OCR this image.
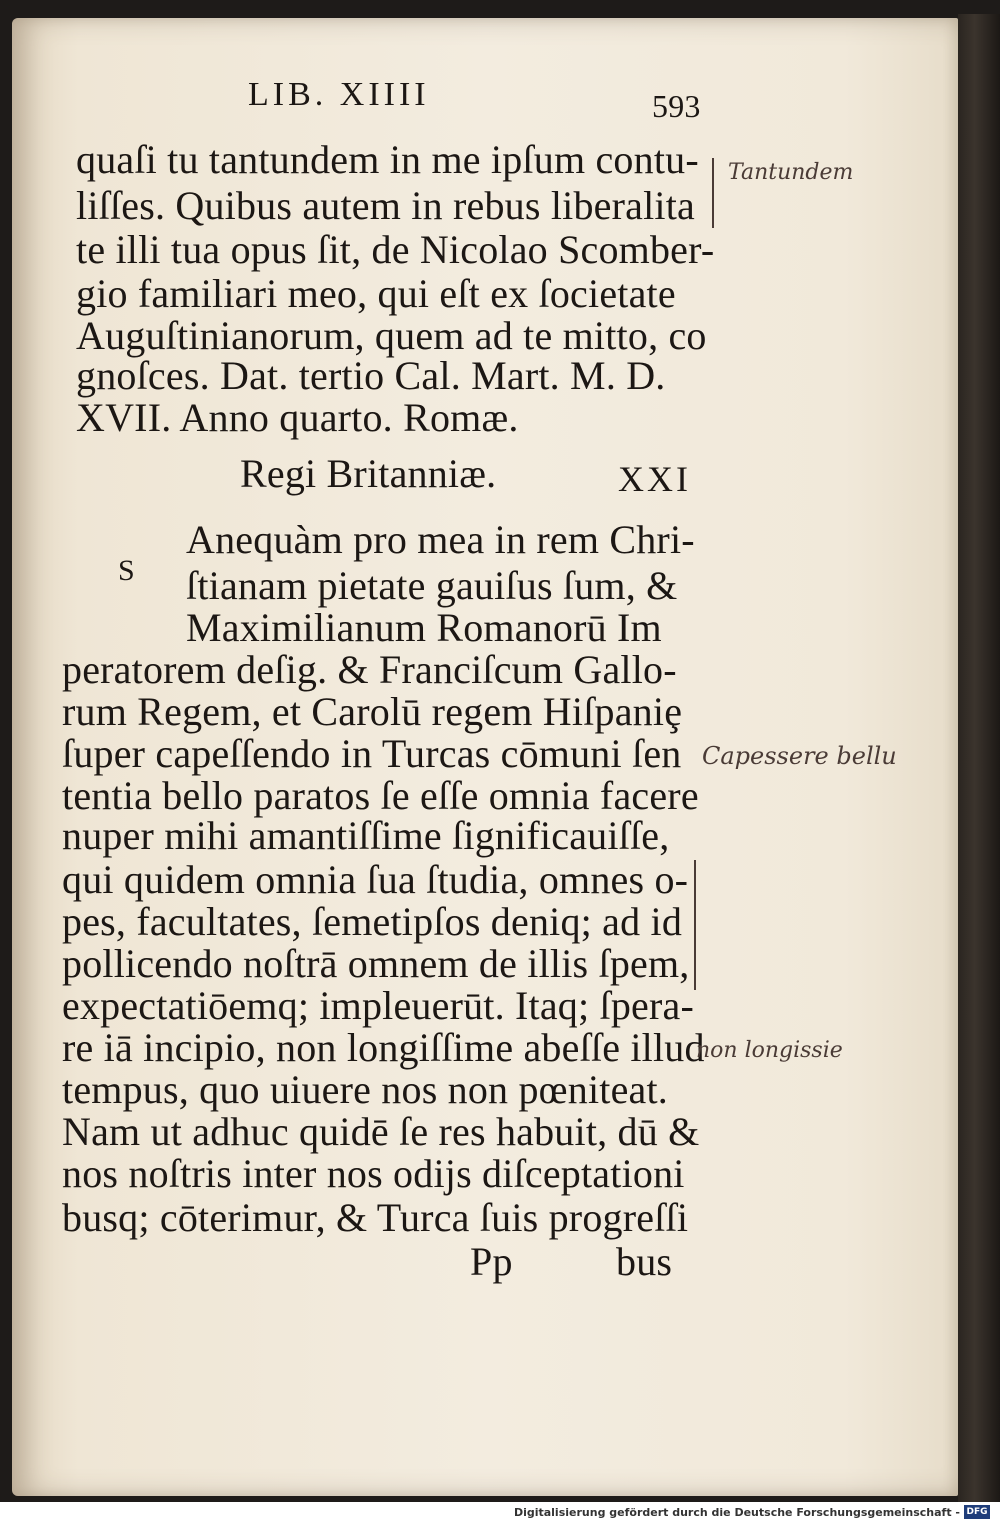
LIB. XIIII	593
quaſi tu tantundem in me ipſum contu-
liſſes. Quibus autem in rebus liberalita
te illi tua opus ſit, de Nicolao Scomber-
gio familiari meo, qui eſt ex ſocietate
Auguſtinianorum, quem ad te mitto, co
gnoſces. Dat. tertio Cal. Mart. M. D.
XVII. Anno quarto. Romæ.
Regi Britanniæ.	XXI
S
Anequàm pro mea in rem Chri-
ſtianam pietate gauiſus ſum, &
Maximilianum Romanorū Im
peratorem deſig. & Franciſcum Gallo-
rum Regem, et Carolū regem Hiſpaniȩ
ſuper capeſſendo in Turcas cōmuni ſen
tentia bello paratos ſe eſſe omnia facere
nuper mihi amantiſſime ſignificauiſſe,
qui quidem omnia ſua ſtudia, omnes o-
pes, facultates, ſemetipſos deniq; ad id
pollicendo noſtrā omnem de illis ſpem,
expectatiōemq; impleuerūt. Itaq; ſpera-
re iā incipio, non longiſſime abeſſe illud
tempus, quo uiuere nos non pœniteat.
Nam ut adhuc quidē ſe res habuit, dū &
nos noſtris inter nos odijs diſceptationi
busq; cōterimur, & Turca ſuis progreſſi
Pp	bus
Tantundem
Capessere bellu
non longissie
Digitalisierung gefördert durch die Deutsche Forschungsgemeinschaft - DFG
